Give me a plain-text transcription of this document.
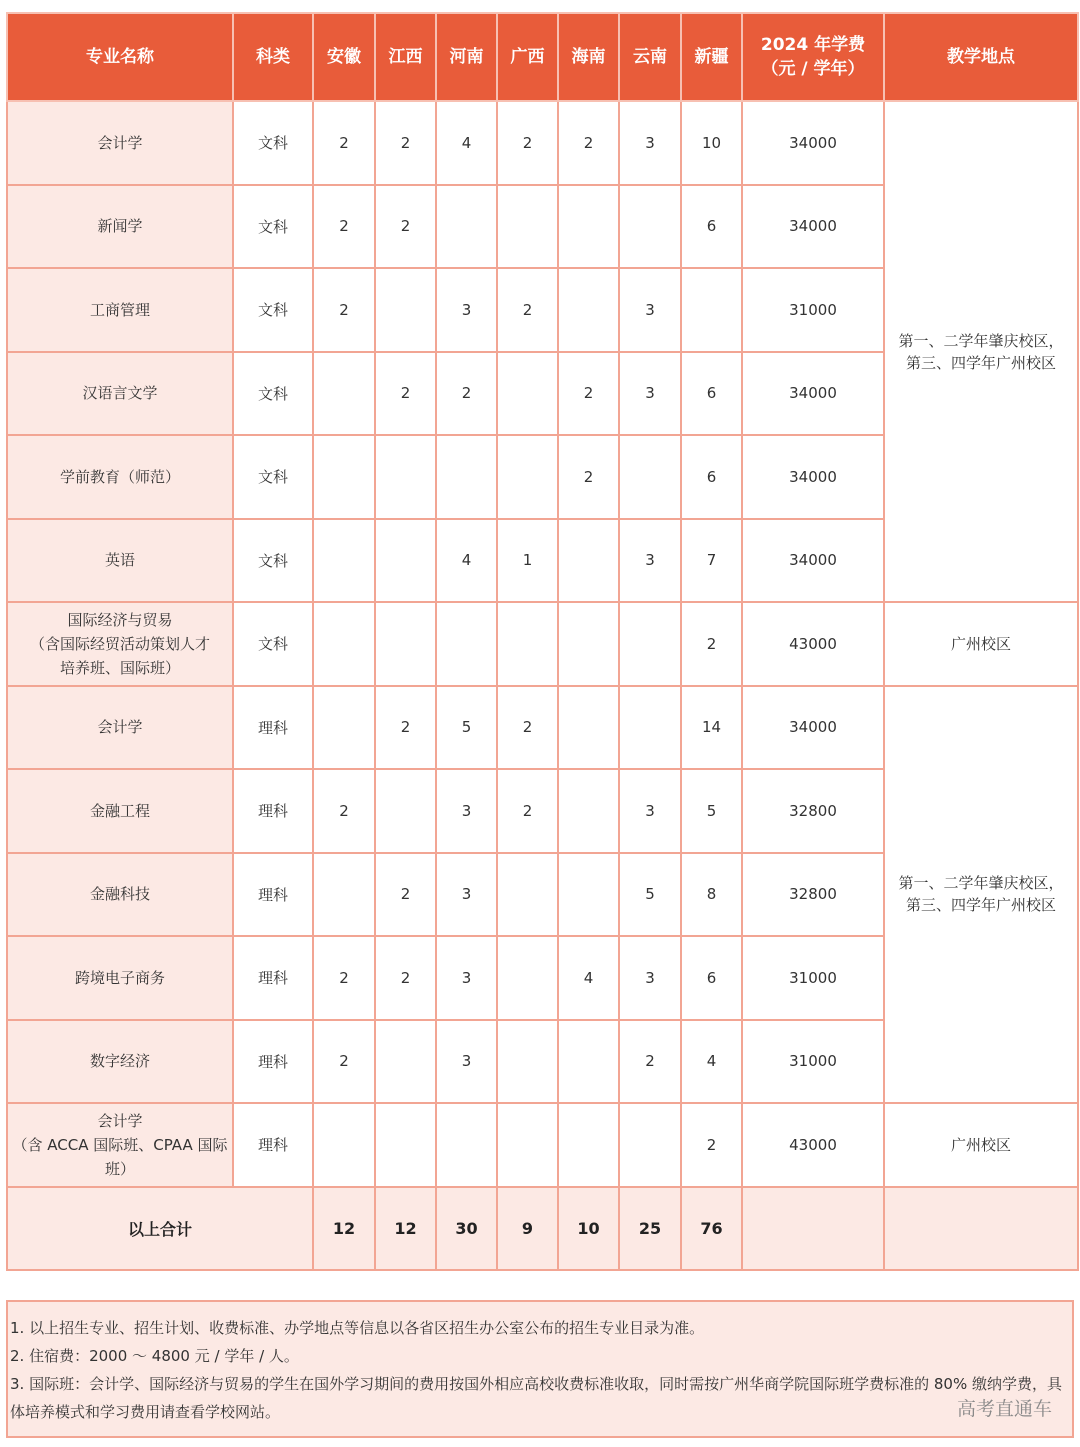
专业名称	科类	安徽	江西	河南	广西	海南	云南	新疆	2024 年学费
（元 / 学年）	教学地点
会计学	文科	2	2	4	2	2	3	10	34000	第一、二学年肇庆校区，
第三、四学年广州校区
新闻学	文科	2	2					6	34000	
工商管理	文科	2		3	2		3		31000	
汉语言文学	文科		2	2		2	3	6	34000	
学前教育（师范）	文科					2		6	34000	
英语	文科			4	1		3	7	34000	
国际经济与贸易
（含国际经贸活动策划人才
培养班、国际班）	文科							2	43000	广州校区
会计学	理科		2	5	2			14	34000	第一、二学年肇庆校区，
第三、四学年广州校区
金融工程	理科	2		3	2		3	5	32800	
金融科技	理科		2	3			5	8	32800	
跨境电子商务	理科	2	2	3		4	3	6	31000	
数字经济	理科	2		3			2	4	31000	
会计学
（含 ACCA 国际班、CPAA 国际
班）	理科							2	43000	广州校区
以上合计		12	12	30	9	10	25	76		
1. 以上招生专业、招生计划、收费标准、办学地点等信息以各省区招生办公室公布的招生专业目录为准。
2. 住宿费：2000 ～ 4800 元 / 学年 / 人。
3. 国际班：会计学、国际经济与贸易的学生在国外学习期间的费用按国外相应高校收费标准收取，同时需按广州华商学院国际班学费标准的 80% 缴纳学费，具体培养模式和学习费用请查看学校网站。	高考直通车
